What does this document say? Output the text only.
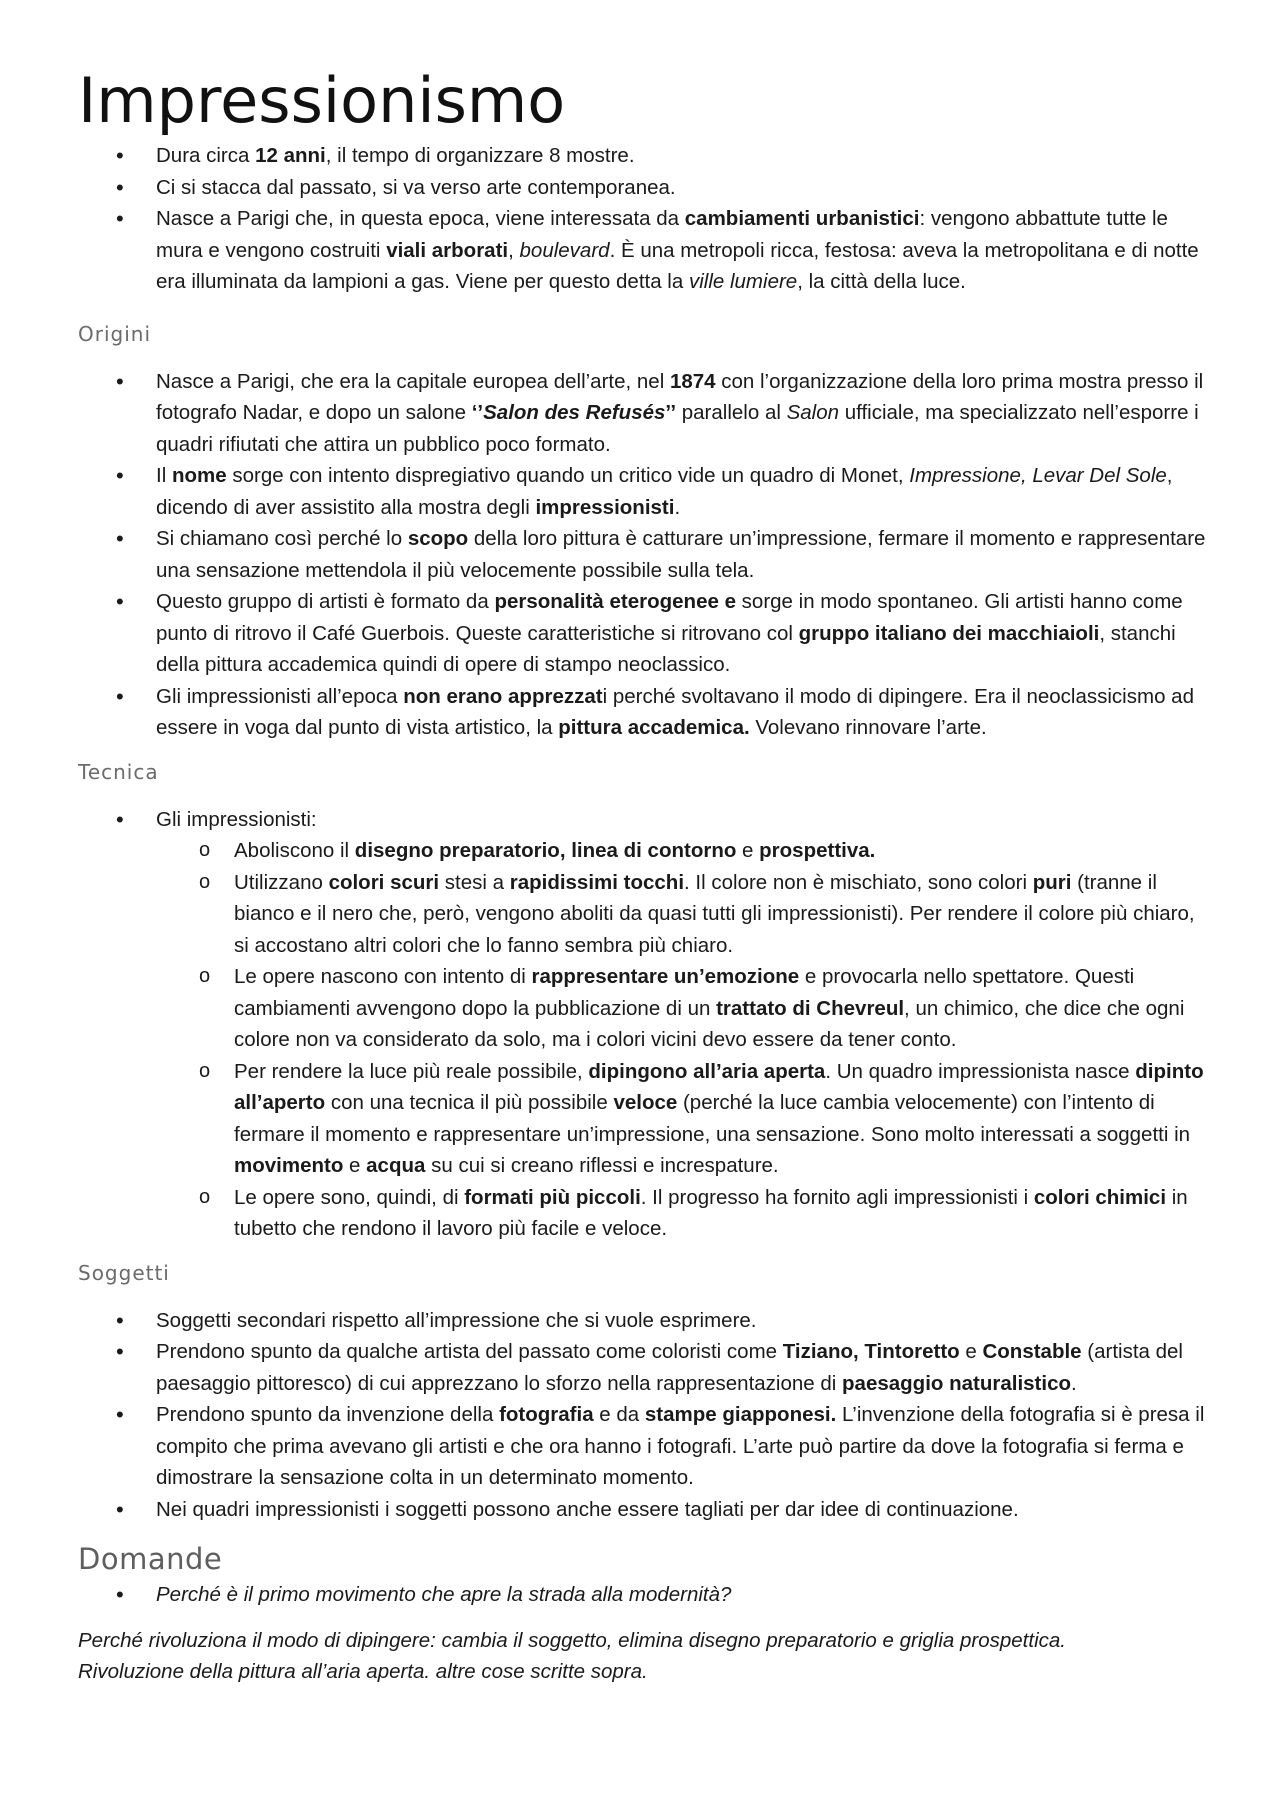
Impressionismo
• Dura circa 12 anni, il tempo di organizzare 8 mostre.
• Ci si stacca dal passato, si va verso arte contemporanea.
• Nasce a Parigi che, in questa epoca, viene interessata da cambiamenti urbanistici: vengono abbattute tutte le mura e vengono costruiti viali arborati, boulevard. È una metropoli ricca, festosa: aveva la metropolitana e di notte era illuminata da lampioni a gas. Viene per questo detta la ville lumiere, la città della luce.
Origini
• Nasce a Parigi, che era la capitale europea dell’arte, nel 1874 con l’organizzazione della loro prima mostra presso il fotografo Nadar, e dopo un salone ‘’Salon des Refusés’’ parallelo al Salon ufficiale, ma specializzato nell’esporre i quadri rifiutati che attira un pubblico poco formato.
• Il nome sorge con intento dispregiativo quando un critico vide un quadro di Monet, Impressione, Levar Del Sole, dicendo di aver assistito alla mostra degli impressionisti.
• Si chiamano così perché lo scopo della loro pittura è catturare un’impressione, fermare il momento e rappresentare una sensazione mettendola il più velocemente possibile sulla tela.
• Questo gruppo di artisti è formato da personalità eterogenee e sorge in modo spontaneo. Gli artisti hanno come punto di ritrovo il Café Guerbois. Queste caratteristiche si ritrovano col gruppo italiano dei macchiaioli, stanchi della pittura accademica quindi di opere di stampo neoclassico.
• Gli impressionisti all’epoca non erano apprezzati perché svoltavano il modo di dipingere. Era il neoclassicismo ad essere in voga dal punto di vista artistico, la pittura accademica. Volevano rinnovare l’arte.
Tecnica
• Gli impressionisti:
o Aboliscono il disegno preparatorio, linea di contorno e prospettiva.
o Utilizzano colori scuri stesi a rapidissimi tocchi. Il colore non è mischiato, sono colori puri (tranne il bianco e il nero che, però, vengono aboliti da quasi tutti gli impressionisti). Per rendere il colore più chiaro, si accostano altri colori che lo fanno sembra più chiaro.
o Le opere nascono con intento di rappresentare un’emozione e provocarla nello spettatore. Questi cambiamenti avvengono dopo la pubblicazione di un trattato di Chevreul, un chimico, che dice che ogni colore non va considerato da solo, ma i colori vicini devo essere da tener conto.
o Per rendere la luce più reale possibile, dipingono all’aria aperta. Un quadro impressionista nasce dipinto all’aperto con una tecnica il più possibile veloce (perché la luce cambia velocemente) con l’intento di fermare il momento e rappresentare un’impressione, una sensazione. Sono molto interessati a soggetti in movimento e acqua su cui si creano riflessi e increspature.
o Le opere sono, quindi, di formati più piccoli. Il progresso ha fornito agli impressionisti i colori chimici in tubetto che rendono il lavoro più facile e veloce.
Soggetti
• Soggetti secondari rispetto all’impressione che si vuole esprimere.
• Prendono spunto da qualche artista del passato come coloristi come Tiziano, Tintoretto e Constable (artista del paesaggio pittoresco) di cui apprezzano lo sforzo nella rappresentazione di paesaggio naturalistico.
• Prendono spunto da invenzione della fotografia e da stampe giapponesi. L’invenzione della fotografia si è presa il compito che prima avevano gli artisti e che ora hanno i fotografi. L’arte può partire da dove la fotografia si ferma e dimostrare la sensazione colta in un determinato momento.
• Nei quadri impressionisti i soggetti possono anche essere tagliati per dar idee di continuazione.
Domande
• Perché è il primo movimento che apre la strada alla modernità?
Perché rivoluziona il modo di dipingere: cambia il soggetto, elimina disegno preparatorio e griglia prospettica.
Rivoluzione della pittura all’aria aperta. altre cose scritte sopra.
